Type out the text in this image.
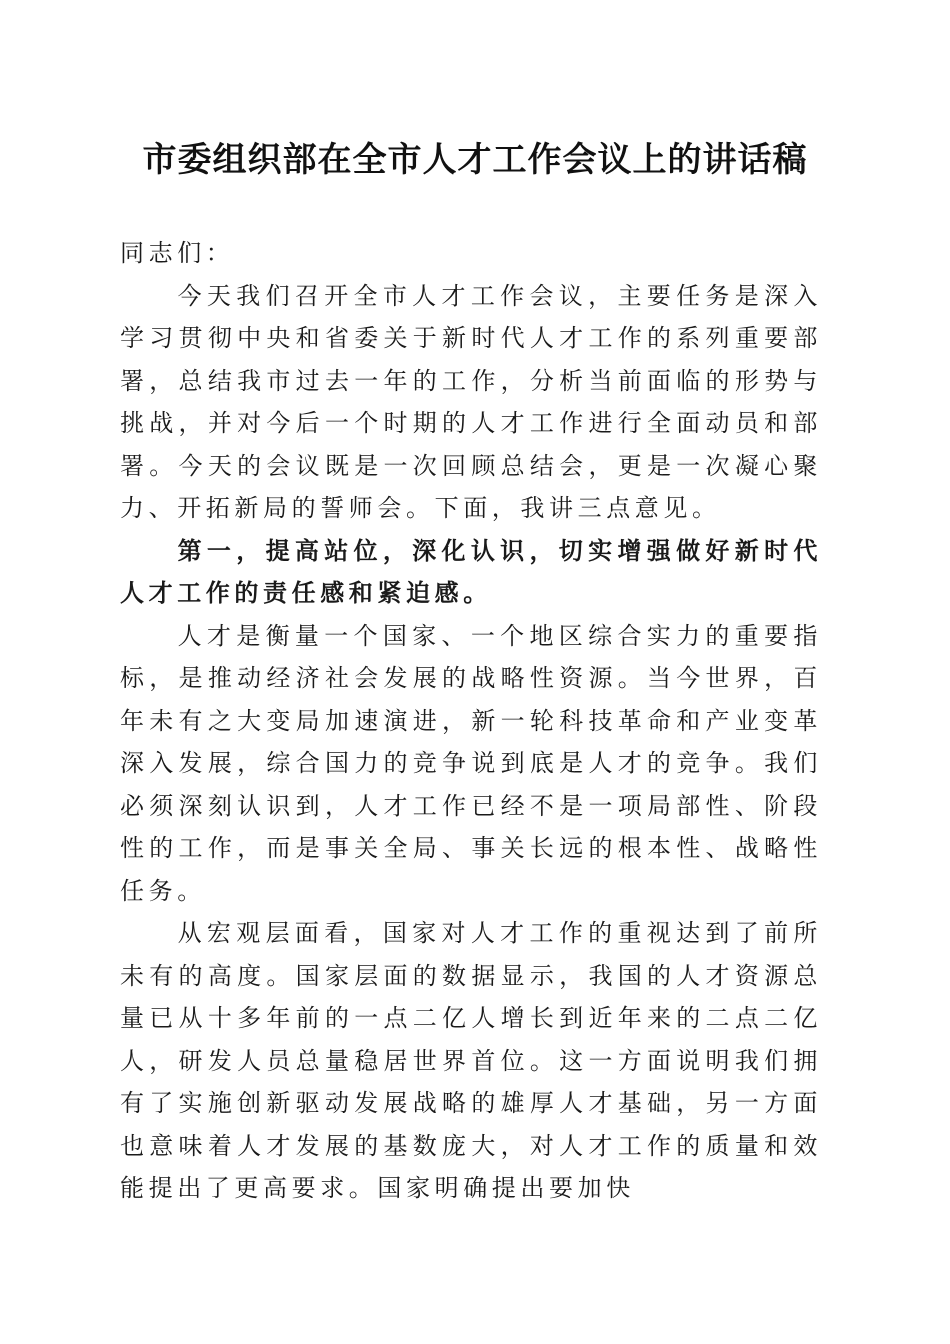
市委组织部在全市人才工作会议上的讲话稿

同志们：

今天我们召开全市人才工作会议，主要任务是深入学习贯彻中央和省委关于新时代人才工作的系列重要部署，总结我市过去一年的工作，分析当前面临的形势与挑战，并对今后一个时期的人才工作进行全面动员和部署。今天的会议既是一次回顾总结会，更是一次凝心聚力、开拓新局的誓师会。下面，我讲三点意见。

第一，提高站位，深化认识，切实增强做好新时代人才工作的责任感和紧迫感。

人才是衡量一个国家、一个地区综合实力的重要指标，是推动经济社会发展的战略性资源。当今世界，百年未有之大变局加速演进，新一轮科技革命和产业变革深入发展，综合国力的竞争说到底是人才的竞争。我们必须深刻认识到，人才工作已经不是一项局部性、阶段性的工作，而是事关全局、事关长远的根本性、战略性任务。

从宏观层面看，国家对人才工作的重视达到了前所未有的高度。国家层面的数据显示，我国的人才资源总量已从十多年前的一点二亿人增长到近年来的二点二亿人，研发人员总量稳居世界首位。这一方面说明我们拥有了实施创新驱动发展战略的雄厚人才基础，另一方面也意味着人才发展的基数庞大，对人才工作的质量和效能提出了更高要求。国家明确提出要加快
